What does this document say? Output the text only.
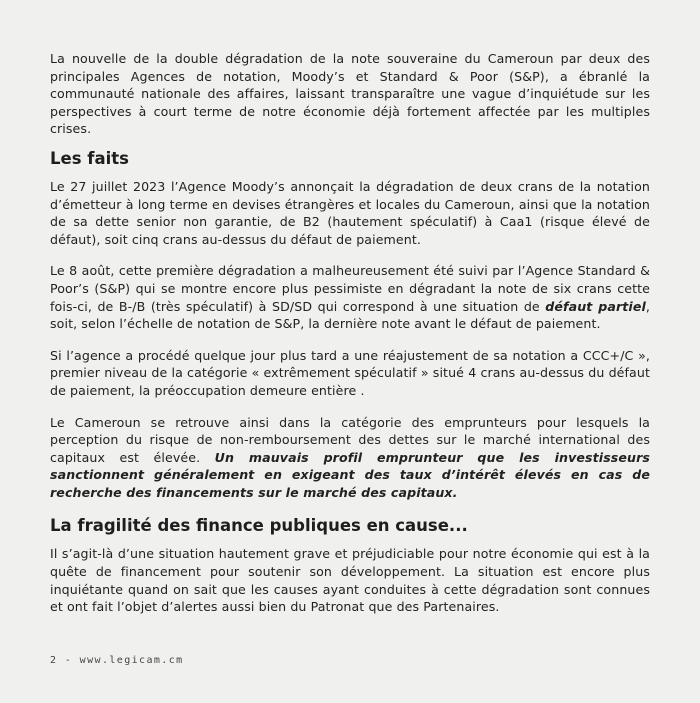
La nouvelle de la double dégradation de la note souveraine du Cameroun par deux des principales Agences de notation, Moody’s et Standard & Poor (S&P), a ébranlé la communauté nationale des affaires, laissant transparaître une vague d’inquiétude sur les perspectives à court terme de notre économie déjà fortement affectée par les multiples crises.

Les faits

Le 27 juillet 2023 l’Agence Moody’s annonçait la dégradation de deux crans de la notation d’émetteur à long terme en devises étrangères et locales du Cameroun, ainsi que la notation de sa dette senior non garantie, de B2 (hautement spéculatif) à Caa1 (risque élevé de défaut), soit cinq crans au-dessus du défaut de paiement.

Le 8 août, cette première dégradation a malheureusement été suivi par l’Agence Standard & Poor’s (S&P) qui se montre encore plus pessimiste en dégradant la note de six crans cette fois-ci, de B-/B (très spéculatif) à SD/SD qui correspond à une situation de défaut partiel, soit, selon l’échelle de notation de S&P, la dernière note avant le défaut de paiement.

Si l’agence a procédé quelque jour plus tard a une réajustement de sa notation a CCC+/C », premier niveau de la catégorie « extrêmement spéculatif » situé 4 crans au-dessus du défaut de paiement, la préoccupation demeure entière .

Le Cameroun se retrouve ainsi dans la catégorie des emprunteurs pour lesquels la perception du risque de non-remboursement des dettes sur le marché international des capitaux est élevée. Un mauvais profil emprunteur que les investisseurs sanctionnent généralement en exigeant des taux d’intérêt élevés en cas de recherche des financements sur le marché des capitaux.

La fragilité des finance publiques en cause...

Il s’agit-là d’une situation hautement grave et préjudiciable pour notre économie qui est à la quête de financement pour soutenir son développement. La situation est encore plus inquiétante quand on sait que les causes ayant conduites à cette dégradation sont connues et ont fait l’objet d’alertes aussi bien du Patronat que des Partenaires.

2 - www.legicam.cm
